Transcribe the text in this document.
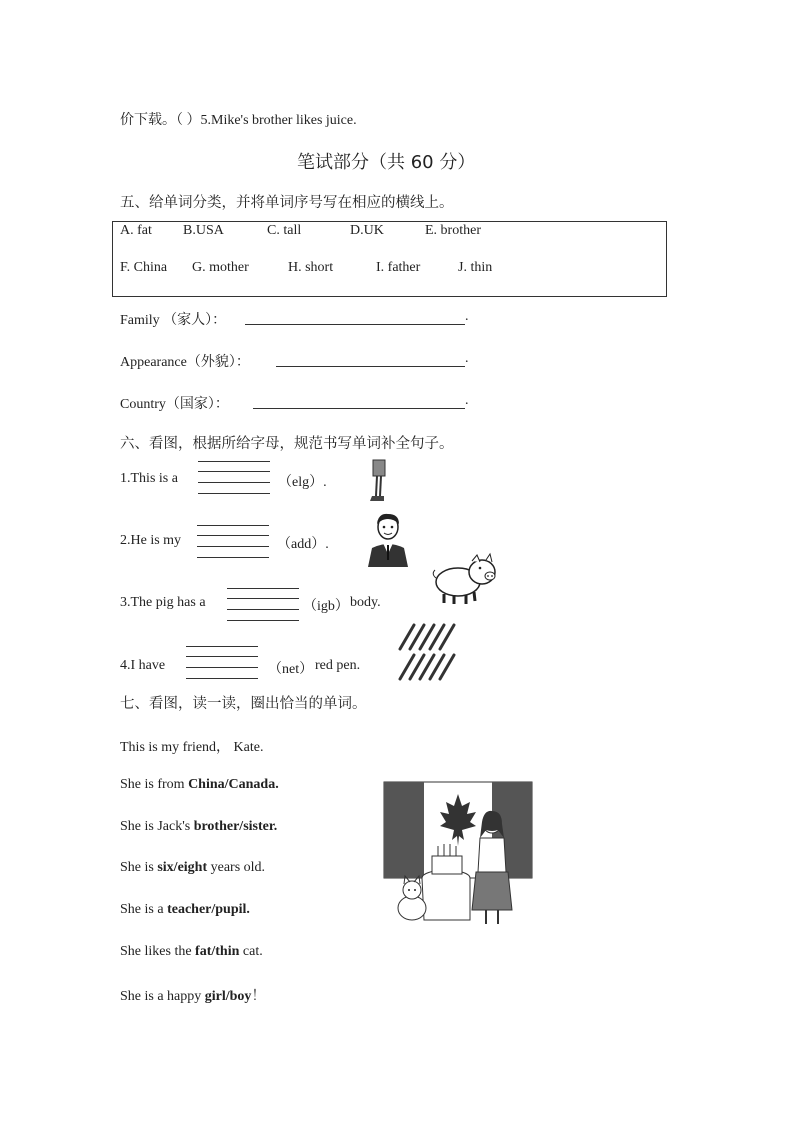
价下载。（ ）5.Mike's brother likes juice.
笔试部分（共 60 分）
五、给单词分类，并将单词序号写在相应的横线上。
A. fat B.USA	C. tall	D.UK	E. brother
F. China G. mother	H. short	I. father	J. thin
Family （家人）：	.
Appearance（外貌）：	.
Country（国家）：	.
六、看图，根据所给字母，规范书写单词补全句子。
1.This is a	（elg）.
2.He is my	（add）.
3.The pig has a	（igb） body.
4.I have	（net） red pen.
七、看图，读一读，圈出恰当的单词。
This is my friend， Kate.
She is from China/Canada.
She is Jack's brother/sister.
She is six/eight years old.
She is a teacher/pupil.
She likes the fat/thin cat.
She is a happy girl/boy！
